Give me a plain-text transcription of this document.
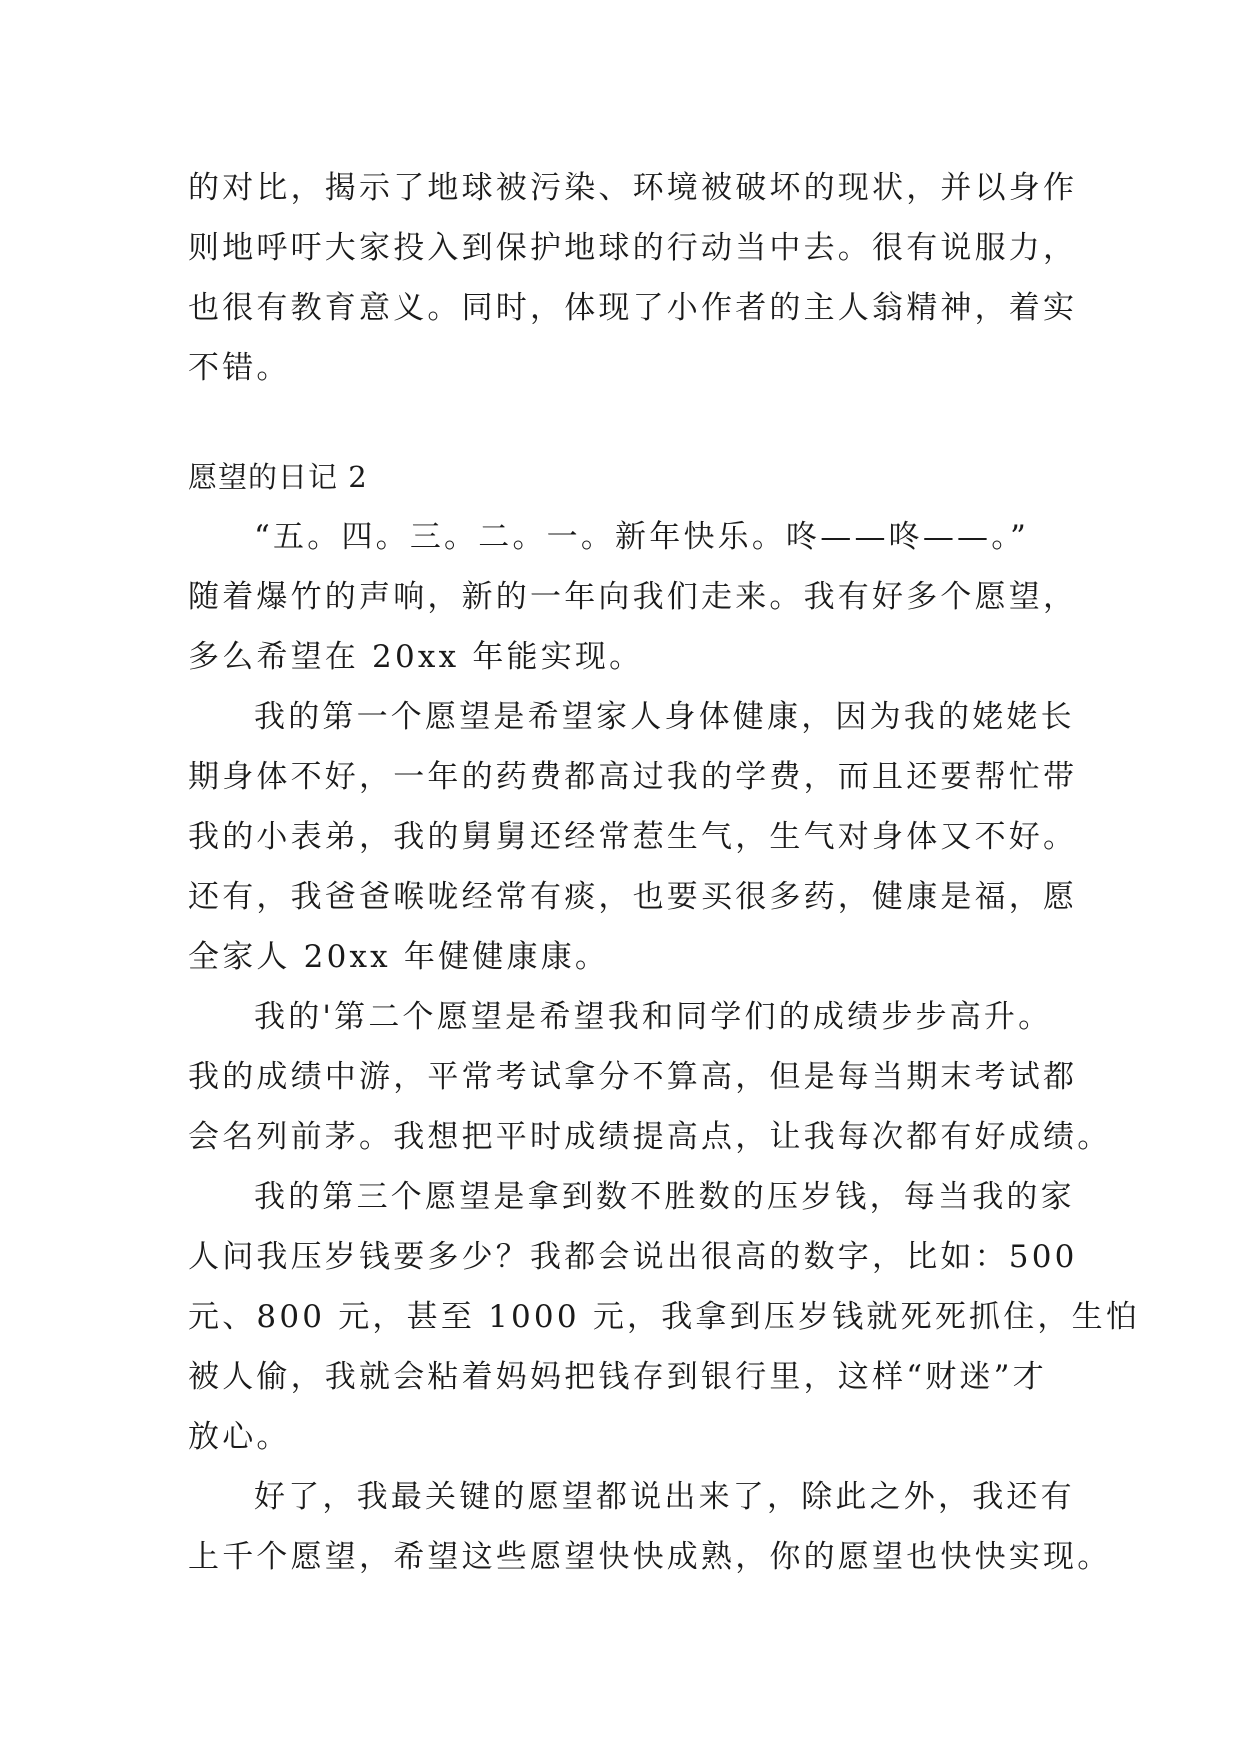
的对比，揭示了地球被污染、环境被破坏的现状，并以身作
则地呼吁大家投入到保护地球的行动当中去。很有说服力，
也很有教育意义。同时，体现了小作者的主人翁精神，着实
不错。
愿望的日记 2
“五。四。三。二。一。新年快乐。咚——咚——。”
随着爆竹的声响，新的一年向我们走来。我有好多个愿望，
多么希望在 20xx 年能实现。
我的第一个愿望是希望家人身体健康，因为我的姥姥长
期身体不好，一年的药费都高过我的学费，而且还要帮忙带
我的小表弟，我的舅舅还经常惹生气，生气对身体又不好。
还有，我爸爸喉咙经常有痰，也要买很多药，健康是福，愿
全家人 20xx 年健健康康。
我的'第二个愿望是希望我和同学们的成绩步步高升。
我的成绩中游，平常考试拿分不算高，但是每当期末考试都
会名列前茅。我想把平时成绩提高点，让我每次都有好成绩。
我的第三个愿望是拿到数不胜数的压岁钱，每当我的家
人问我压岁钱要多少？我都会说出很高的数字，比如：500
元、800 元，甚至 1000 元，我拿到压岁钱就死死抓住，生怕
被人偷，我就会粘着妈妈把钱存到银行里，这样“财迷”才
放心。
好了，我最关键的愿望都说出来了，除此之外，我还有
上千个愿望，希望这些愿望快快成熟，你的愿望也快快实现。
